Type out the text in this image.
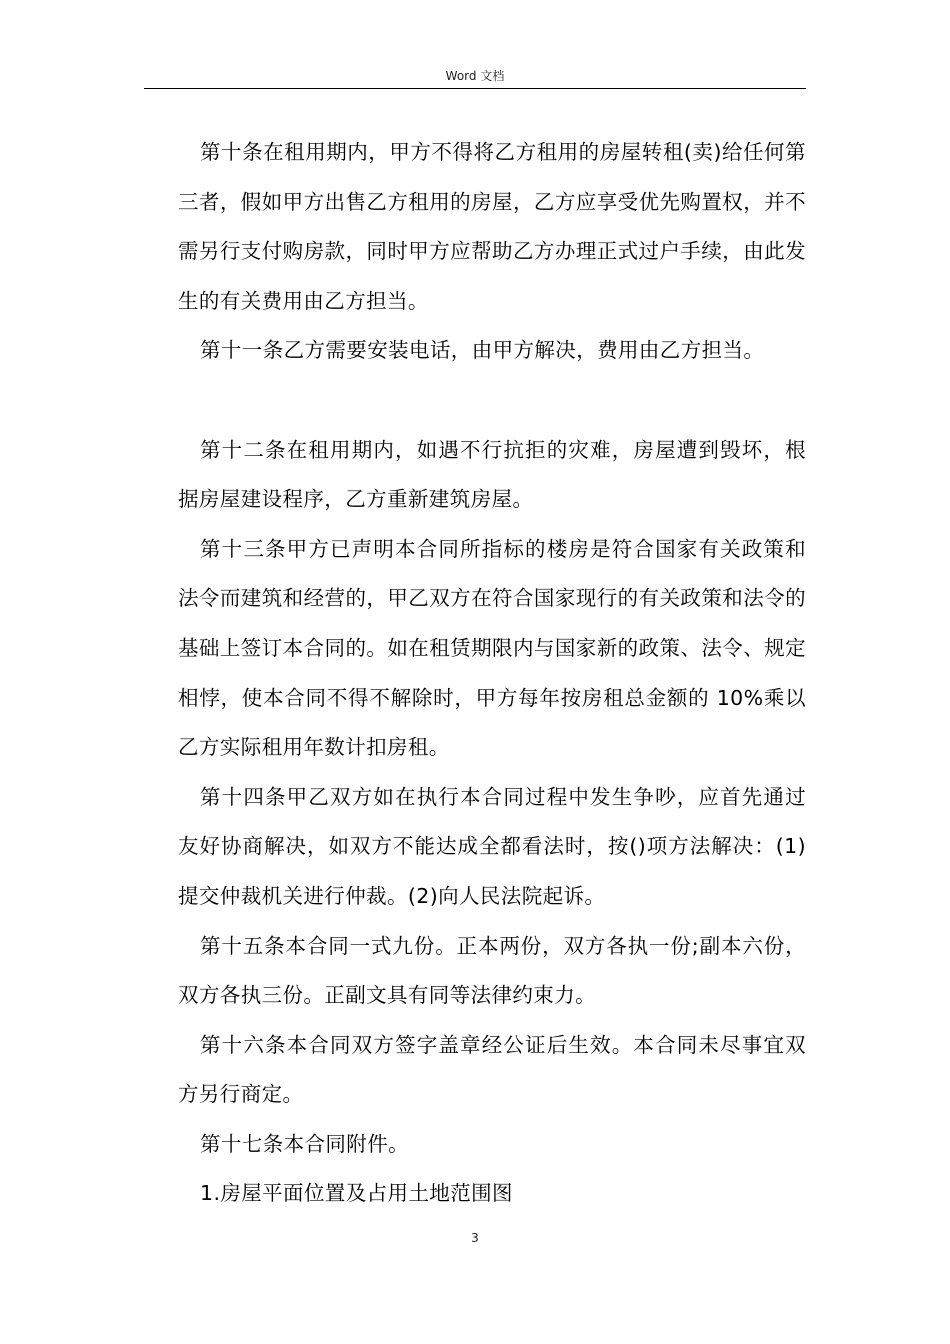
Word 文档

第十条在租用期内，甲方不得将乙方租用的房屋转租(卖)给任何第三者，假如甲方出售乙方租用的房屋，乙方应享受优先购置权，并不需另行支付购房款，同时甲方应帮助乙方办理正式过户手续，由此发生的有关费用由乙方担当。

第十一条乙方需要安装电话，由甲方解决，费用由乙方担当。

第十二条在租用期内，如遇不行抗拒的灾难，房屋遭到毁坏，根据房屋建设程序，乙方重新建筑房屋。

第十三条甲方已声明本合同所指标的楼房是符合国家有关政策和法令而建筑和经营的，甲乙双方在符合国家现行的有关政策和法令的基础上签订本合同的。如在租赁期限内与国家新的政策、法令、规定相悖，使本合同不得不解除时，甲方每年按房租总金额的 10%乘以乙方实际租用年数计扣房租。

第十四条甲乙双方如在执行本合同过程中发生争吵，应首先通过友好协商解决，如双方不能达成全都看法时，按()项方法解决：(1)提交仲裁机关进行仲裁。(2)向人民法院起诉。

第十五条本合同一式九份。正本两份，双方各执一份;副本六份，双方各执三份。正副文具有同等法律约束力。

第十六条本合同双方签字盖章经公证后生效。本合同未尽事宜双方另行商定。

第十七条本合同附件。

1.房屋平面位置及占用土地范围图

3
